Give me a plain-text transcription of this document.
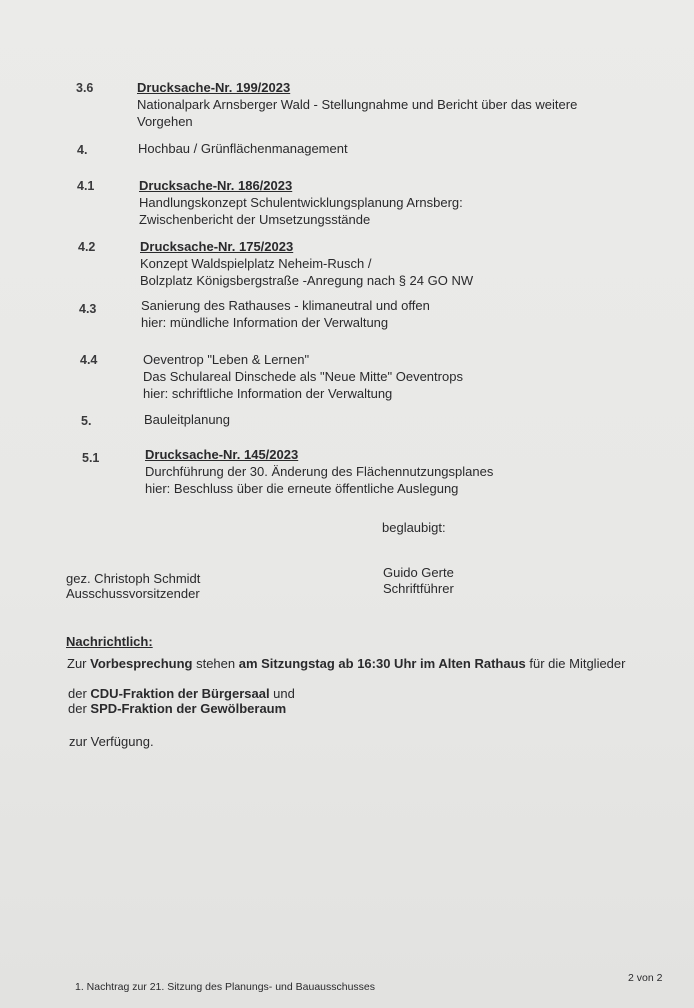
3.6	Drucksache-Nr. 199/2023
Nationalpark Arnsberger Wald - Stellungnahme und Bericht über das weitere
Vorgehen
4.	Hochbau / Grünflächenmanagement
4.1	Drucksache-Nr. 186/2023
Handlungskonzept Schulentwicklungsplanung Arnsberg:
Zwischenbericht der Umsetzungsstände
4.2	Drucksache-Nr. 175/2023
Konzept Waldspielplatz Neheim-Rusch /
Bolzplatz Königsbergstraße -Anregung nach § 24 GO NW
4.3	Sanierung des Rathauses - klimaneutral und offen
hier: mündliche Information der Verwaltung
4.4	Oeventrop "Leben & Lernen"
Das Schulareal Dinschede als "Neue Mitte" Oeventrops
hier: schriftliche Information der Verwaltung
5.	Bauleitplanung
5.1	Drucksache-Nr. 145/2023
Durchführung der 30. Änderung des Flächennutzungsplanes
hier: Beschluss über die erneute öffentliche Auslegung
beglaubigt:
gez. Christoph Schmidt
Ausschussvorsitzender
Guido Gerte
Schriftführer
Nachrichtlich:
Zur Vorbesprechung stehen am Sitzungstag ab 16:30 Uhr im Alten Rathaus für die Mitglieder
der CDU-Fraktion der Bürgersaal und
der SPD-Fraktion der Gewölberaum
zur Verfügung.
1. Nachtrag zur 21. Sitzung des Planungs- und Bauausschusses
2 von 2
